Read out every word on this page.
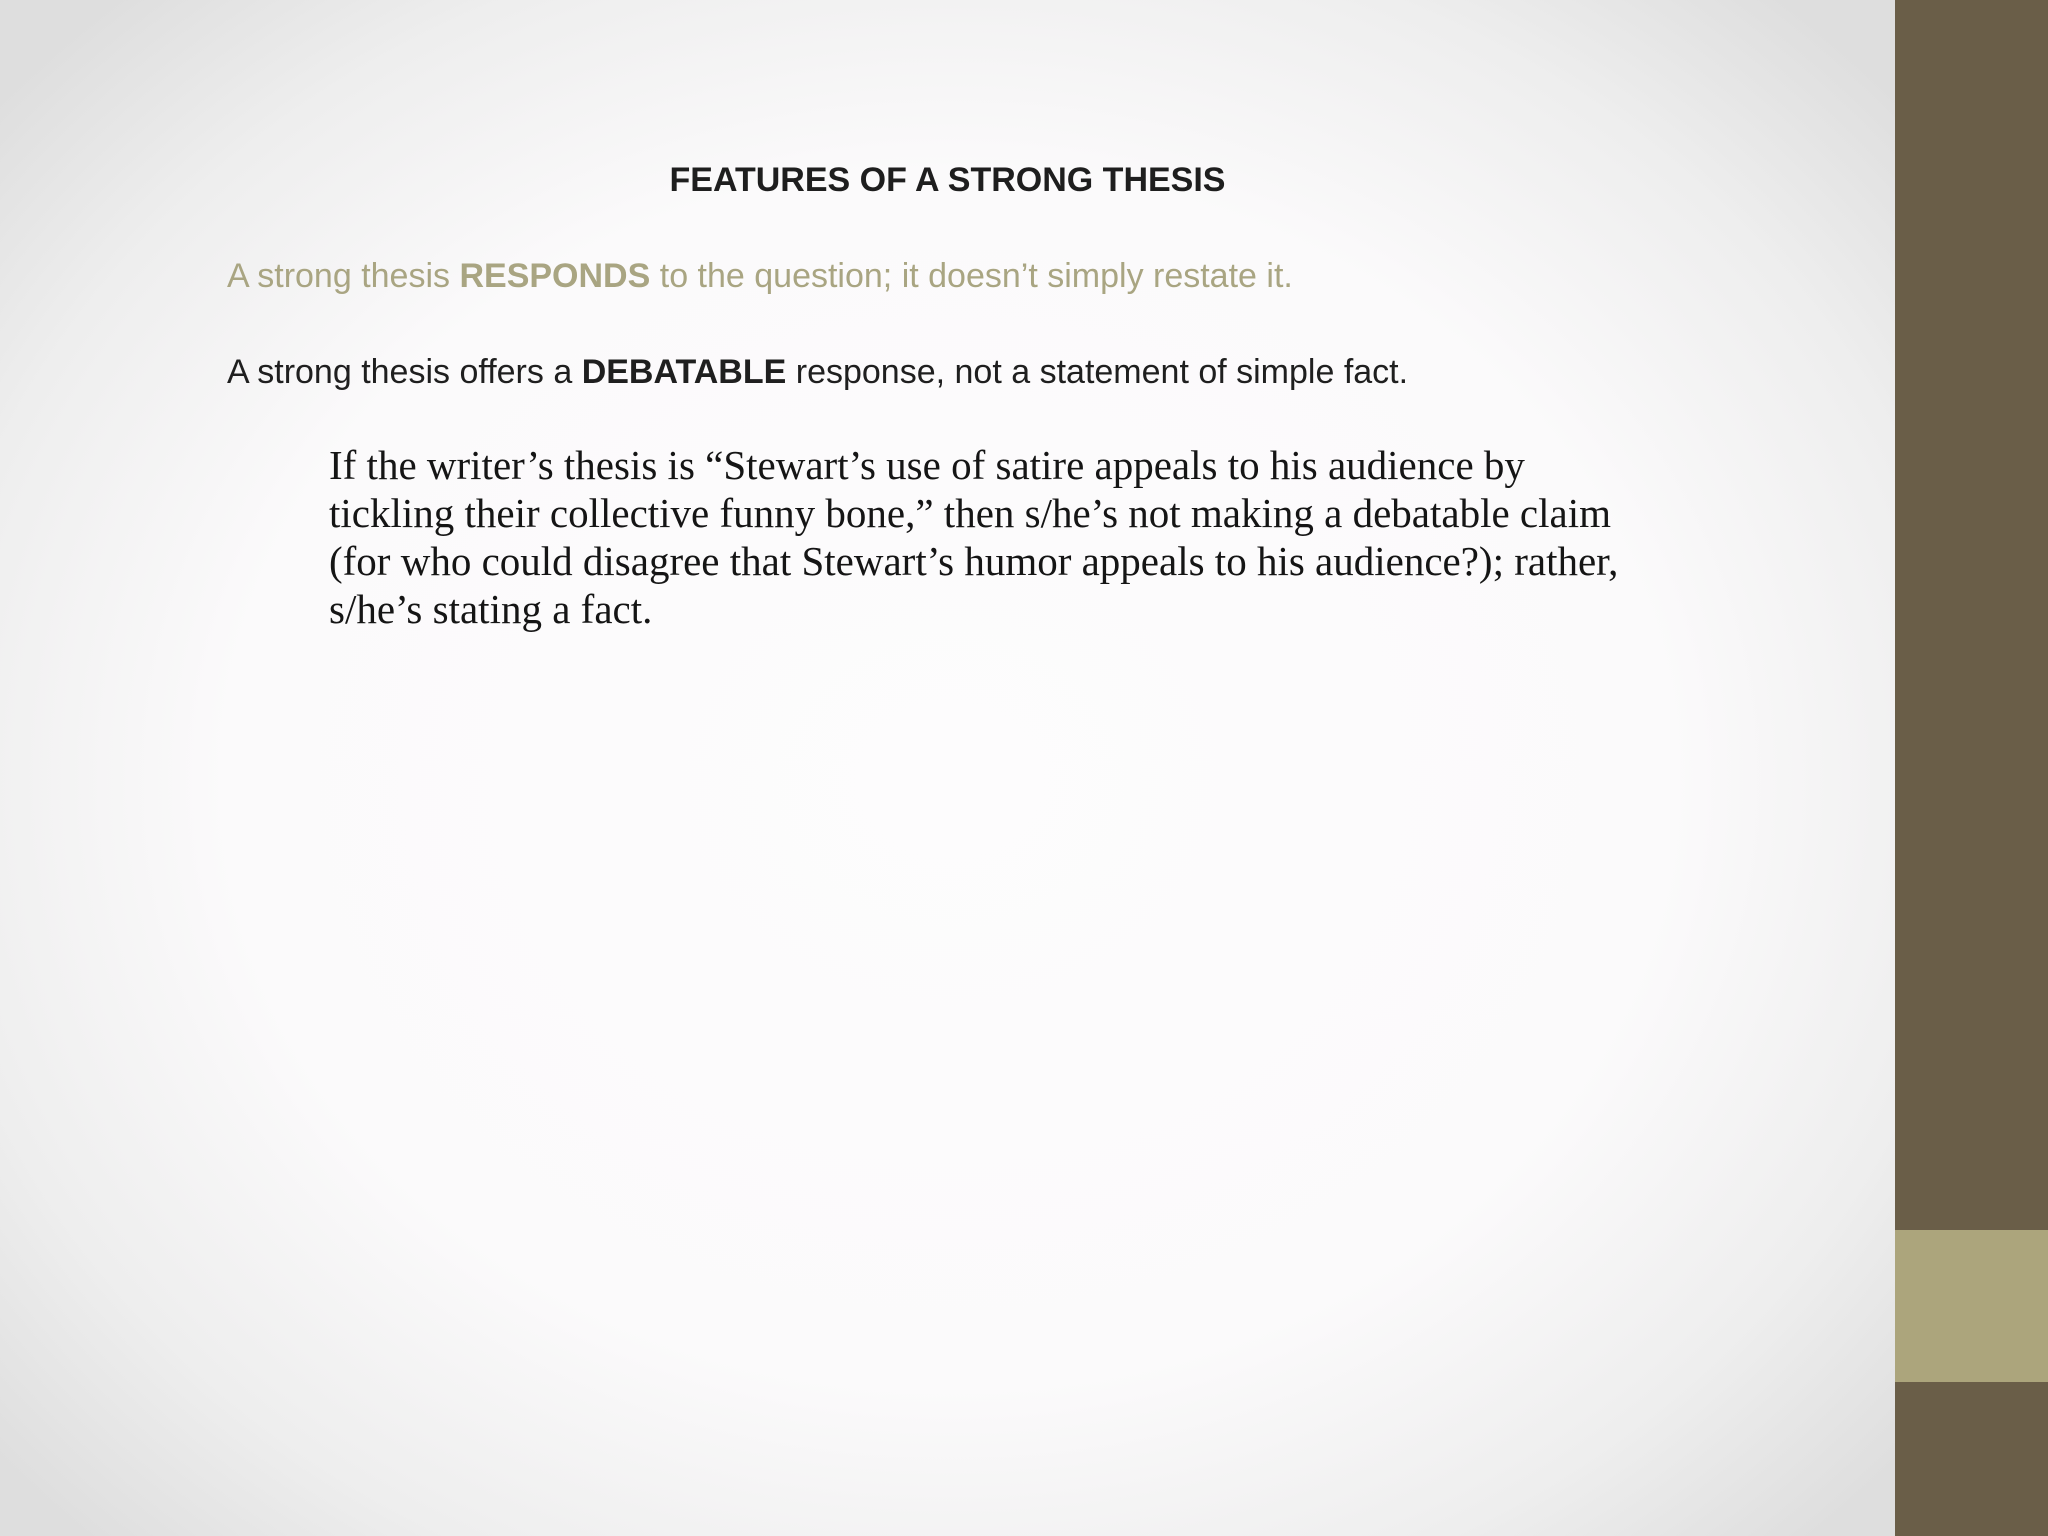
FEATURES OF A STRONG THESIS

A strong thesis RESPONDS to the question; it doesn’t simply restate it.

A strong thesis offers a DEBATABLE response, not a statement of simple fact.

If the writer’s thesis is “Stewart’s use of satire appeals to his audience by tickling their collective funny bone,” then s/he’s not making a debatable claim (for who could disagree that Stewart’s humor appeals to his audience?); rather, s/he’s stating a fact.
